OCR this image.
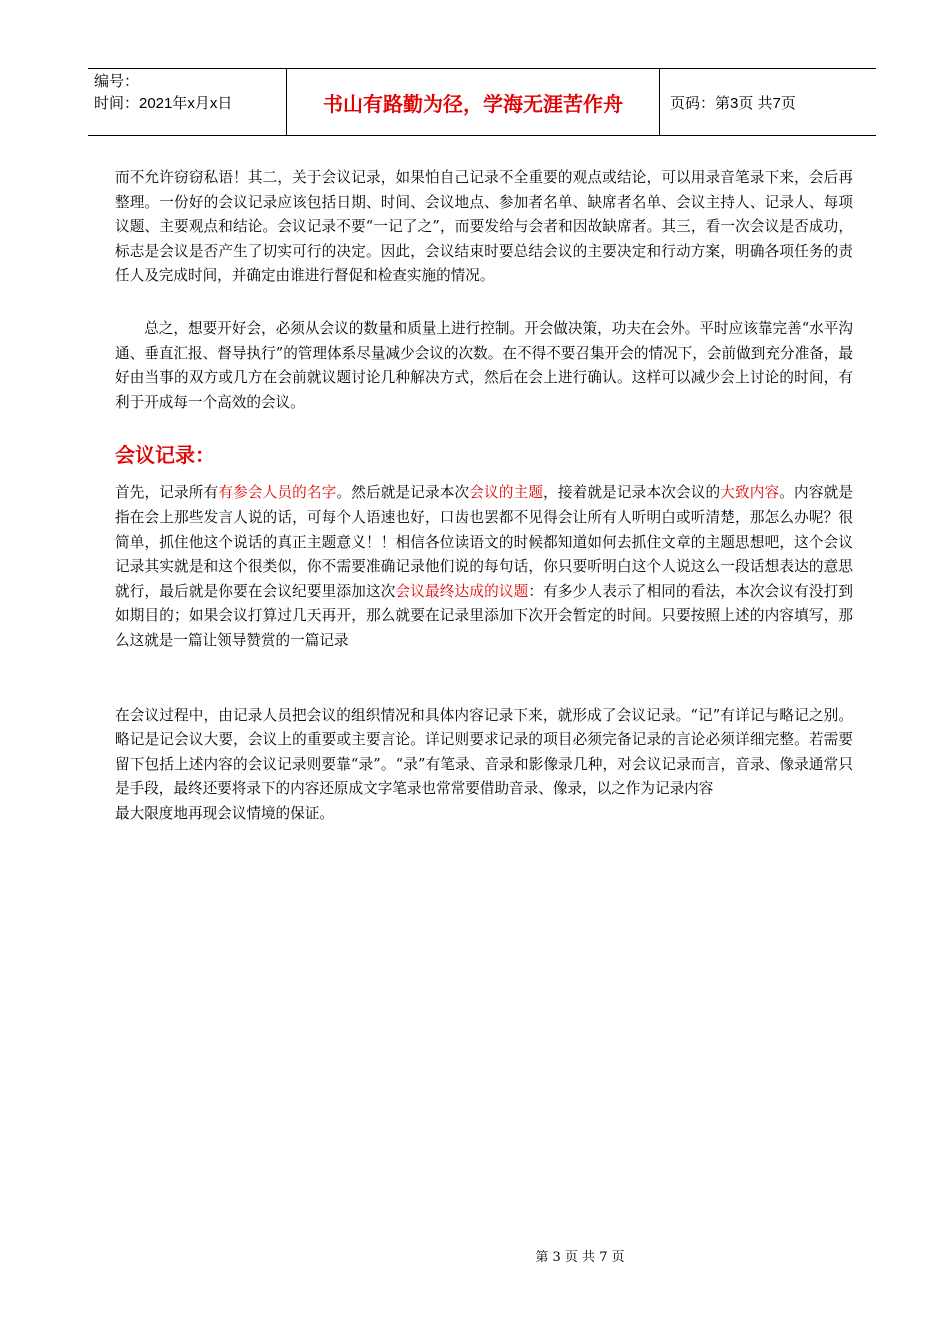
编号：
时间：2021年x月x日	书山有路勤为径，学海无涯苦作舟	页码：第3页 共7页

而不允许窃窃私语！其二，关于会议记录，如果怕自己记录不全重要的观点或结论，可以用录音笔录下来，会后再整理。一份好的会议记录应该包括日期、时间、会议地点、参加者名单、缺席者名单、会议主持人、记录人、每项议题、主要观点和结论。会议记录不要“一记了之”，而要发给与会者和因故缺席者。其三，看一次会议是否成功，标志是会议是否产生了切实可行的决定。因此，会议结束时要总结会议的主要决定和行动方案，明确各项任务的责任人及完成时间，并确定由谁进行督促和检查实施的情况。

总之，想要开好会，必须从会议的数量和质量上进行控制。开会做决策，功夫在会外。平时应该靠完善“水平沟通、垂直汇报、督导执行”的管理体系尽量减少会议的次数。在不得不要召集开会的情况下，会前做到充分准备，最好由当事的双方或几方在会前就议题讨论几种解决方式，然后在会上进行确认。这样可以减少会上讨论的时间，有利于开成每一个高效的会议。

会议记录：

首先，记录所有有参会人员的名字。然后就是记录本次会议的主题，接着就是记录本次会议的大致内容。内容就是指在会上那些发言人说的话，可每个人语速也好，口齿也罢都不见得会让所有人听明白或听清楚，那怎么办呢？很简单，抓住他这个说话的真正主题意义！！相信各位读语文的时候都知道如何去抓住文章的主题思想吧，这个会议记录其实就是和这个很类似，你不需要准确记录他们说的每句话，你只要听明白这个人说这么一段话想表达的意思就行，最后就是你要在会议纪要里添加这次会议最终达成的议题：有多少人表示了相同的看法，本次会议有没打到如期目的；如果会议打算过几天再开，那么就要在记录里添加下次开会暂定的时间。只要按照上述的内容填写，那么这就是一篇让领导赞赏的一篇记录

在会议过程中，由记录人员把会议的组织情况和具体内容记录下来，就形成了会议记录。“记”有详记与略记之别。略记是记会议大要，会议上的重要或主要言论。详记则要求记录的项目必须完备记录的言论必须详细完整。若需要留下包括上述内容的会议记录则要靠“录”。“录”有笔录、音录和影像录几种，对会议记录而言，音录、像录通常只是手段，最终还要将录下的内容还原成文字笔录也常常要借助音录、像录，以之作为记录内容

最大限度地再现会议情境的保证。

第 3 页 共 7 页
